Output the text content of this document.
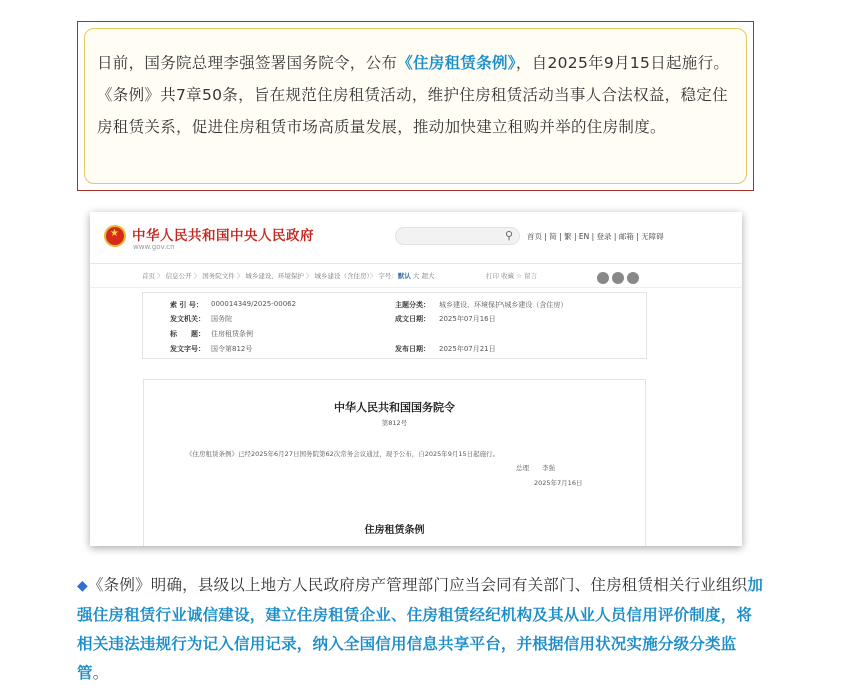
日前，国务院总理李强签署国务院令，公布《住房租赁条例》，自2025年9月15日起施行。《条例》共7章50条，旨在规范住房租赁活动，维护住房租赁活动当事人合法权益，稳定住房租赁关系，促进住房租赁市场高质量发展，推动加快建立租购并举的住房制度。

★
中华人民共和国中央人民政府
www.gov.cn
⚲ 首页 | 简 | 繁 | EN | 登录 | 邮箱 | 无障碍
首页 〉 信息公开 〉 国务院文件 〉 城乡建设、环境保护 〉 城乡建设（含住房）〉 字号：默认 大 超大	打印 收藏 ☆ 留言
索 引 号： 000014349/2025-00062	主题分类： 城乡建设、环境保护\城乡建设（含住房）
发文机关： 国务院	成文日期： 2025年07月16日
标　　题： 住房租赁条例
发文字号： 国令第812号	发布日期： 2025年07月21日
中华人民共和国国务院令
第812号
《住房租赁条例》已经2025年6月27日国务院第62次常务会议通过，现予公布，自2025年9月15日起施行。
总理　　李强
2025年7月16日
住房租赁条例

◆《条例》明确，县级以上地方人民政府房产管理部门应当会同有关部门、住房租赁相关行业组织加强住房租赁行业诚信建设，建立住房租赁企业、住房租赁经纪机构及其从业人员信用评价制度，将相关违法违规行为记入信用记录，纳入全国信用信息共享平台，并根据信用状况实施分级分类监管。
